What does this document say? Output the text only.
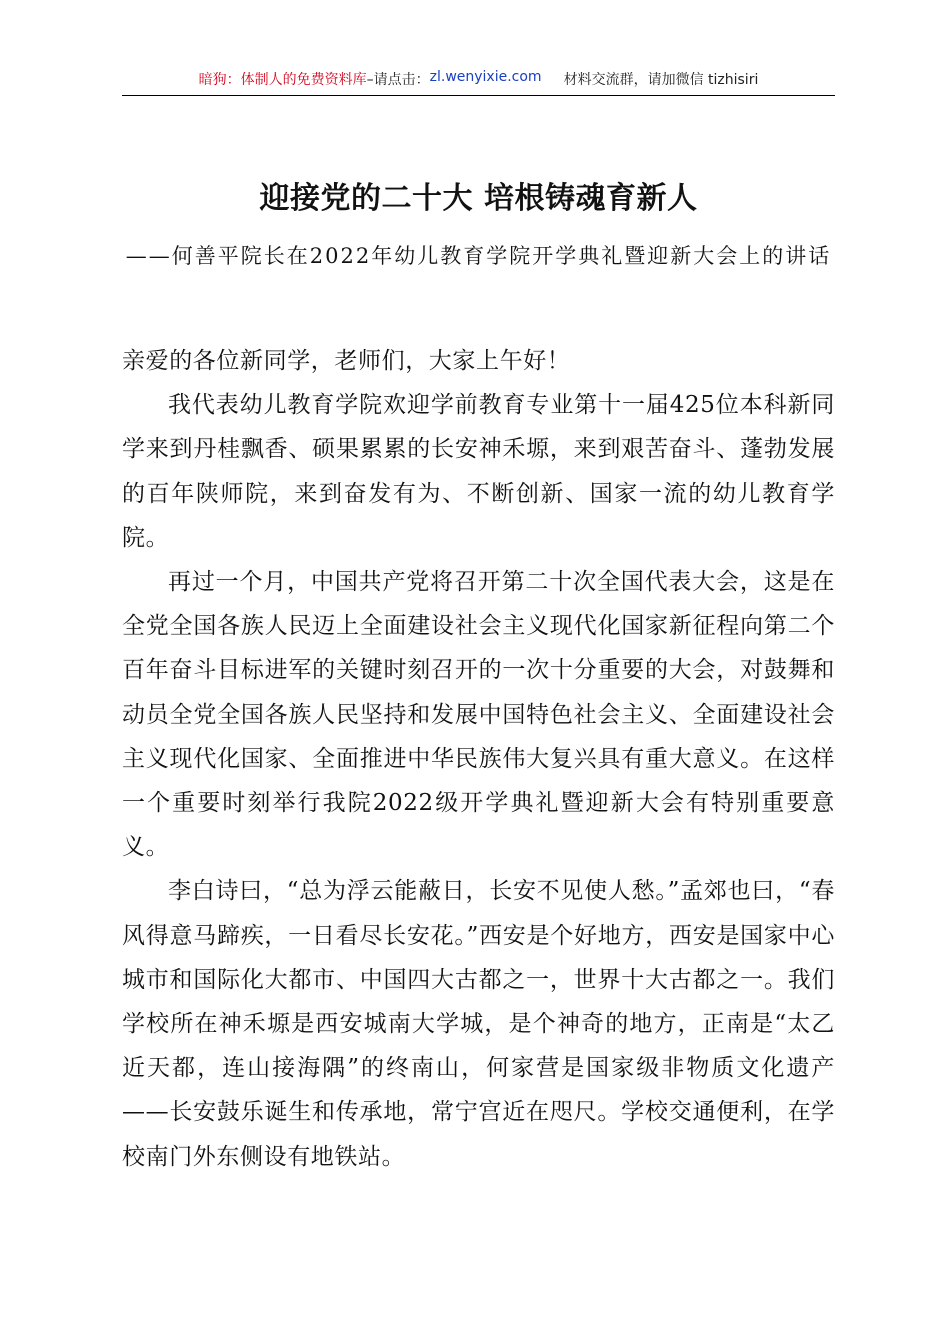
暗狗：体制人的免费资料库 –请点击： zl.wenyixie.com 材料交流群，请加微信 tizhisiri
迎接党的二十大 培根铸魂育新人
——何善平院长在2022年幼儿教育学院开学典礼暨迎新大会上的讲话

亲爱的各位新同学，老师们，大家上午好！

我代表幼儿教育学院欢迎学前教育专业第十一届425位本科新同学来到丹桂飘香、硕果累累的长安神禾塬，来到艰苦奋斗、蓬勃发展的百年陕师院，来到奋发有为、不断创新、国家一流的幼儿教育学院。

再过一个月，中国共产党将召开第二十次全国代表大会，这是在全党全国各族人民迈上全面建设社会主义现代化国家新征程向第二个百年奋斗目标进军的关键时刻召开的一次十分重要的大会，对鼓舞和动员全党全国各族人民坚持和发展中国特色社会主义、全面建设社会主义现代化国家、全面推进中华民族伟大复兴具有重大意义。在这样一个重要时刻举行我院2022级开学典礼暨迎新大会有特别重要意义。

李白诗曰，“总为浮云能蔽日，长安不见使人愁。”孟郊也曰，“春风得意马蹄疾，一日看尽长安花。”西安是个好地方，西安是国家中心城市和国际化大都市、中国四大古都之一，世界十大古都之一。我们学校所在神禾塬是西安城南大学城，是个神奇的地方，正南是“太乙近天都，连山接海隅”的终南山，何家营是国家级非物质文化遗产——长安鼓乐诞生和传承地，常宁宫近在咫尺。学校交通便利，在学校南门外东侧设有地铁站。
